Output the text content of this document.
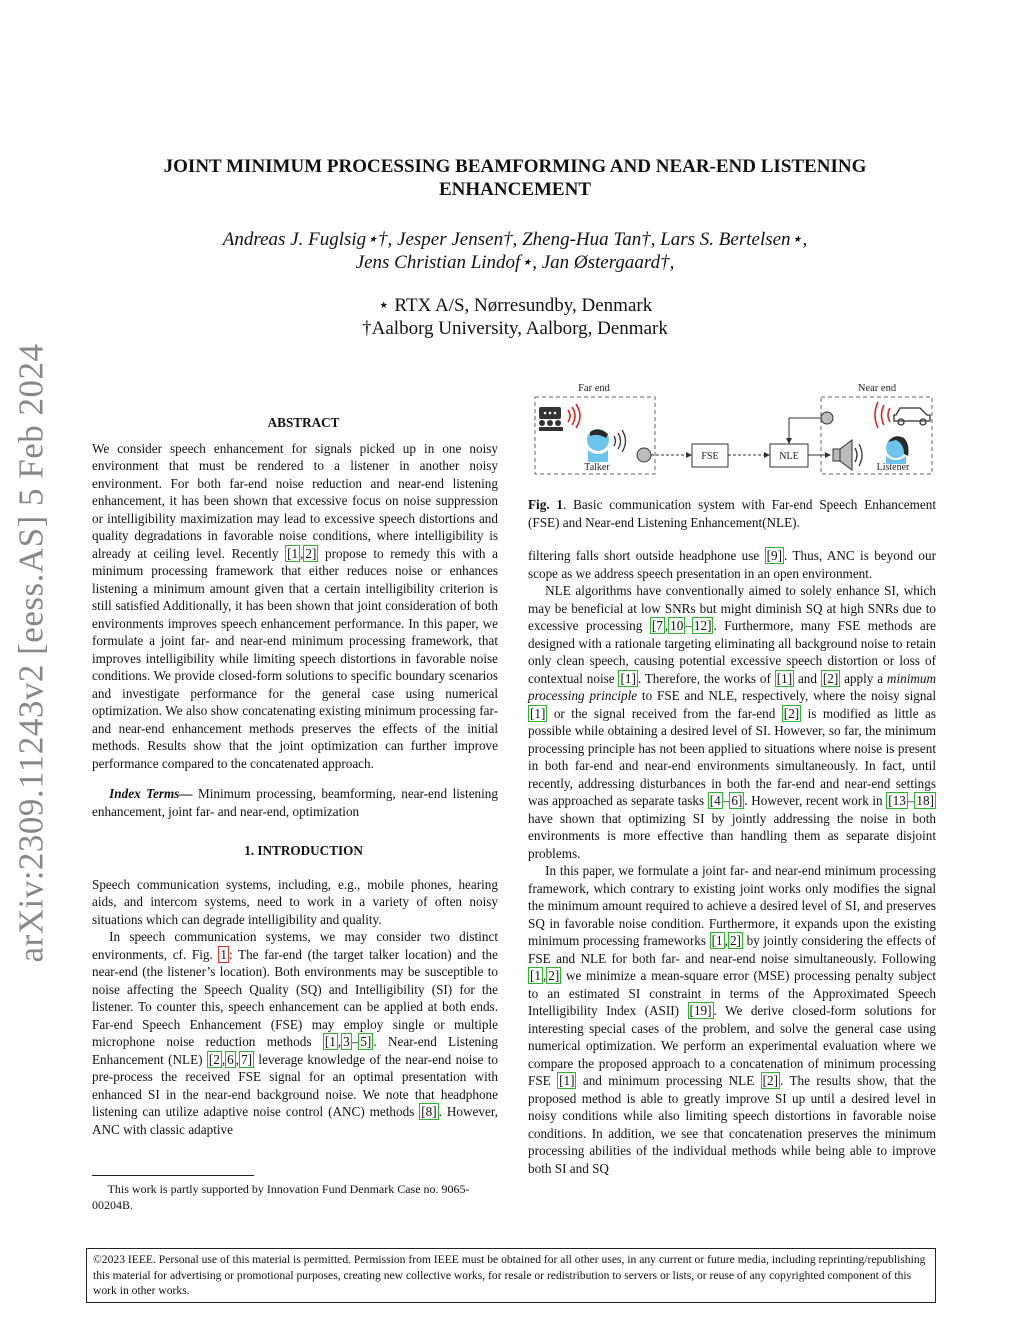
arXiv:2309.11243v2 [eess.AS] 5 Feb 2024
JOINT MINIMUM PROCESSING BEAMFORMING AND NEAR-END LISTENING ENHANCEMENT
Andreas J. Fuglsig⋆†, Jesper Jensen†, Zheng-Hua Tan†, Lars S. Bertelsen⋆,
Jens Christian Lindof⋆, Jan Østergaard†,
⋆ RTX A/S, Nørresundby, Denmark
†Aalborg University, Aalborg, Denmark

ABSTRACT

We consider speech enhancement for signals picked up in one noisy environment that must be rendered to a listener in another noisy environment. For both far-end noise reduction and near-end listening enhancement, it has been shown that excessive focus on noise suppression or intelligibility maximization may lead to excessive speech distortions and quality degradations in favorable noise conditions, where intelligibility is already at ceiling level. Recently [1 , 2] propose to remedy this with a minimum processing framework that either reduces noise or enhances listening a minimum amount given that a certain intelligibility criterion is still satisfied Additionally, it has been shown that joint consideration of both environments improves speech enhancement performance. In this paper, we formulate a joint far- and near-end minimum processing framework, that improves intelligibility while limiting speech distortions in favorable noise conditions. We provide closed-form solutions to specific boundary scenarios and investigate performance for the general case using numerical optimization. We also show concatenating existing minimum processing far- and near-end enhancement methods preserves the effects of the initial methods. Results show that the joint optimization can further improve performance compared to the concatenated approach.

Index Terms— Minimum processing, beamforming, near-end listening enhancement, joint far- and near-end, optimization

1. INTRODUCTION

Speech communication systems, including, e.g., mobile phones, hearing aids, and intercom systems, need to work in a variety of often noisy situations which can degrade intelligibility and quality.

In speech communication systems, we may consider two distinct environments, cf. Fig. 1 : The far-end (the target talker location) and the near-end (the listener’s location). Both environments may be susceptible to noise affecting the Speech Quality (SQ) and Intelligibility (SI) for the listener. To counter this, speech enhancement can be applied at both ends. Far-end Speech Enhancement (FSE) may employ single or multiple microphone noise reduction methods [1 , 3 – 5] . Near-end Listening Enhancement (NLE) [2 , 6 , 7] leverage knowledge of the near-end noise to pre-process the received FSE signal for an optimal presentation with enhanced SI in the near-end background noise. We note that headphone listening can utilize adaptive noise control (ANC) methods [8] . However, ANC with classic adaptive

This work is partly supported by Innovation Fund Denmark Case no. 9065-00204B.
Far end	Near end
Talker
FSE	NLE
Listener
Fig. 1. Basic communication system with Far-end Speech Enhancement (FSE) and Near-end Listening Enhancement(NLE).

filtering falls short outside headphone use [9] . Thus, ANC is beyond our scope as we address speech presentation in an open environment.

NLE algorithms have conventionally aimed to solely enhance SI, which may be beneficial at low SNRs but might diminish SQ at high SNRs due to excessive processing [7 , 10 – 12] . Furthermore, many FSE methods are designed with a rationale targeting eliminating all background noise to retain only clean speech, causing potential excessive speech distortion or loss of contextual noise [1] . Therefore, the works of [1] and [2] apply a minimum processing principle to FSE and NLE, respectively, where the noisy signal [1] or the signal received from the far-end [2] is modified as little as possible while obtaining a desired level of SI. However, so far, the minimum processing principle has not been applied to situations where noise is present in both far-end and near-end environments simultaneously. In fact, until recently, addressing disturbances in both the far-end and near-end settings was approached as separate tasks [4 – 6] . However, recent work in [13 – 18] have shown that optimizing SI by jointly addressing the noise in both environments is more effective than handling them as separate disjoint problems.

In this paper, we formulate a joint far- and near-end minimum processing framework, which contrary to existing joint works only modifies the signal the minimum amount required to achieve a desired level of SI, and preserves SQ in favorable noise condition. Furthermore, it expands upon the existing minimum processing frameworks [1 , 2] by jointly considering the effects of FSE and NLE for both far- and near-end noise simultaneously. Following [1 , 2] we minimize a mean-square error (MSE) processing penalty subject to an estimated SI constraint in terms of the Approximated Speech Intelligibility Index (ASII) [19] . We derive closed-form solutions for interesting special cases of the problem, and solve the general case using numerical optimization. We perform an experimental evaluation where we compare the proposed approach to a concatenation of minimum processing FSE [1] and minimum processing NLE [2] . The results show, that the proposed method is able to greatly improve SI up until a desired level in noisy conditions while also limiting speech distortions in favorable noise conditions. In addition, we see that concatenation preserves the minimum processing abilities of the individual methods while being able to improve both SI and SQ

©2023 IEEE. Personal use of this material is permitted. Permission from IEEE must be obtained for all other uses, in any current or future media, including reprinting/republishing this material for advertising or promotional purposes, creating new collective works, for resale or redistribution to servers or lists, or reuse of any copyrighted component of this work in other works.
